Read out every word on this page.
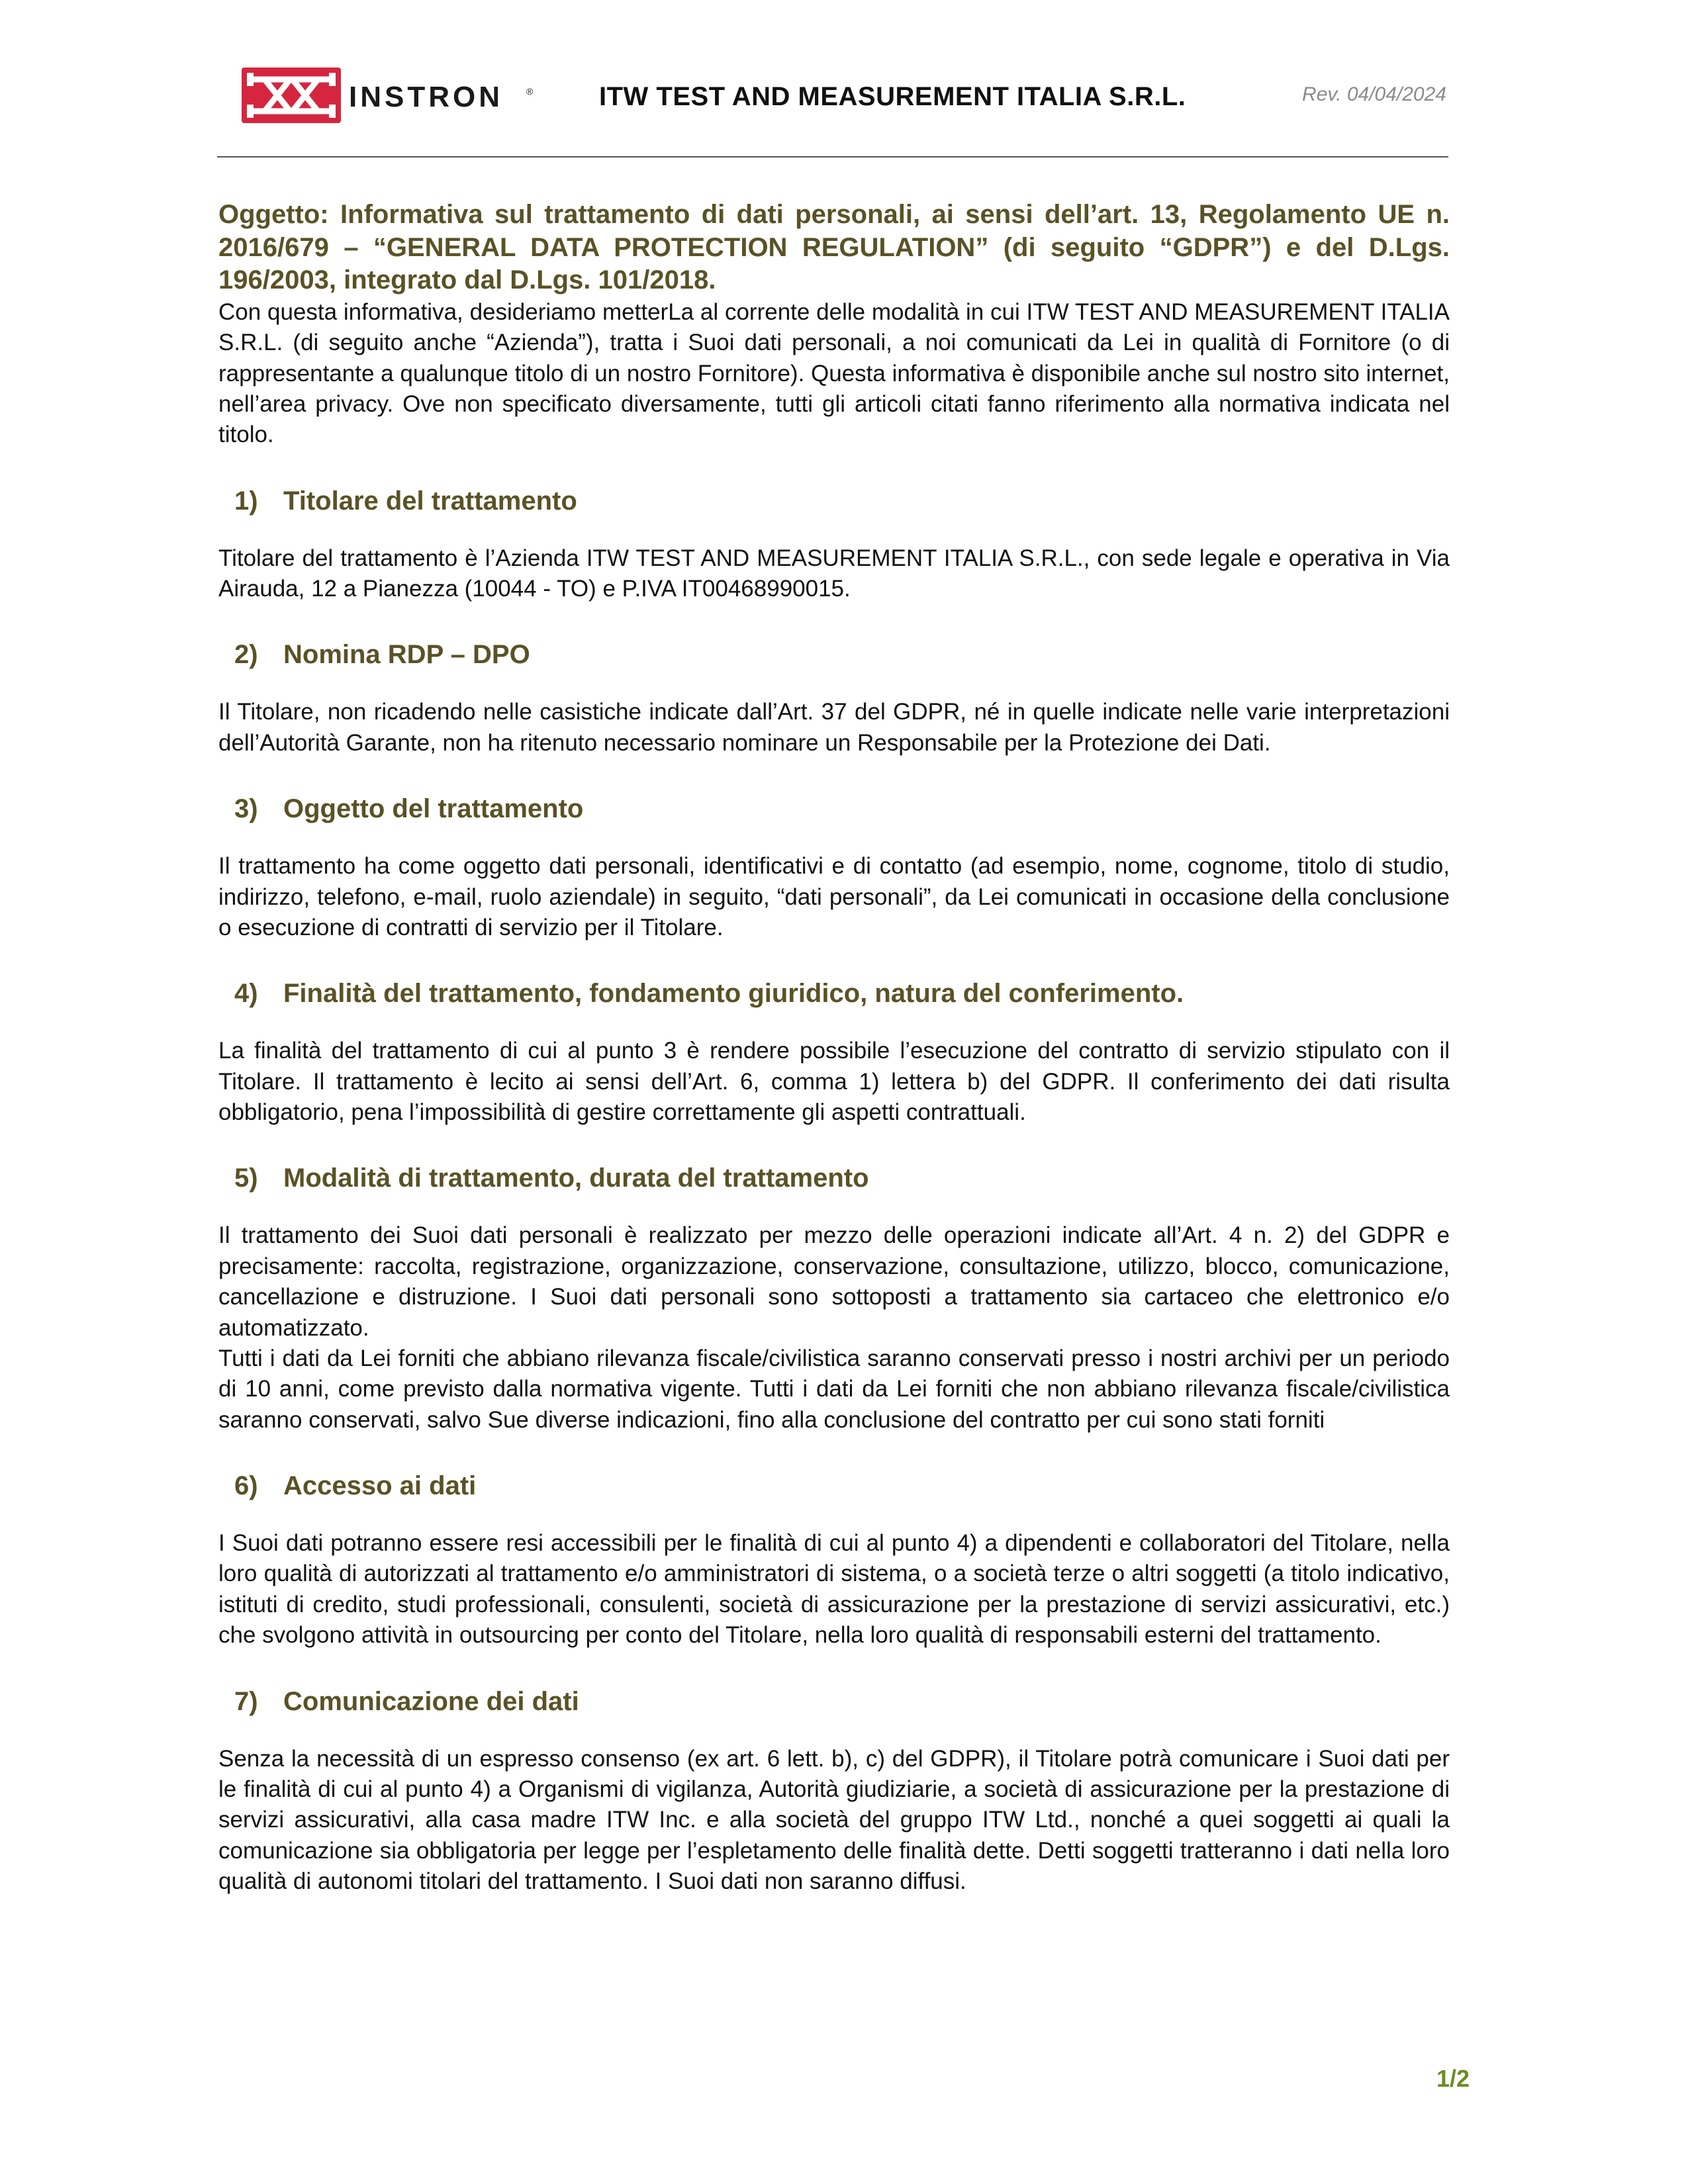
INSTRON	® ITW TEST AND MEASUREMENT ITALIA S.R.L.	Rev. 04/04/2024

Oggetto: Informativa sul trattamento di dati personali, ai sensi dell’art. 13, Regolamento UE n. 2016/679 – “GENERAL DATA PROTECTION REGULATION” (di seguito “GDPR”) e del D.Lgs. 196/2003, integrato dal D.Lgs. 101/2018.

Con questa informativa, desideriamo metterLa al corrente delle modalità in cui ITW TEST AND MEASUREMENT ITALIA S.R.L. (di seguito anche “Azienda”), tratta i Suoi dati personali, a noi comunicati da Lei in qualità di Fornitore (o di rappresentante a qualunque titolo di un nostro Fornitore). Questa informativa è disponibile anche sul nostro sito internet, nell’area privacy. Ove non specificato diversamente, tutti gli articoli citati fanno riferimento alla normativa indicata nel titolo.

1) Titolare del trattamento

Titolare del trattamento è l’Azienda ITW TEST AND MEASUREMENT ITALIA S.R.L., con sede legale e operativa in Via Airauda, 12 a Pianezza (10044 - TO) e P.IVA IT00468990015.

2) Nomina RDP – DPO

Il Titolare, non ricadendo nelle casistiche indicate dall’Art. 37 del GDPR, né in quelle indicate nelle varie interpretazioni dell’Autorità Garante, non ha ritenuto necessario nominare un Responsabile per la Protezione dei Dati.

3) Oggetto del trattamento

Il trattamento ha come oggetto dati personali, identificativi e di contatto (ad esempio, nome, cognome, titolo di studio, indirizzo, telefono, e-mail, ruolo aziendale) in seguito, “dati personali”, da Lei comunicati in occasione della conclusione o esecuzione di contratti di servizio per il Titolare.

4) Finalità del trattamento, fondamento giuridico, natura del conferimento.

La finalità del trattamento di cui al punto 3 è rendere possibile l’esecuzione del contratto di servizio stipulato con il Titolare. Il trattamento è lecito ai sensi dell’Art. 6, comma 1) lettera b) del GDPR. Il conferimento dei dati risulta obbligatorio, pena l’impossibilità di gestire correttamente gli aspetti contrattuali.

5) Modalità di trattamento, durata del trattamento

Il trattamento dei Suoi dati personali è realizzato per mezzo delle operazioni indicate all’Art. 4 n. 2) del GDPR e precisamente: raccolta, registrazione, organizzazione, conservazione, consultazione, utilizzo, blocco, comunicazione, cancellazione e distruzione. I Suoi dati personali sono sottoposti a trattamento sia cartaceo che elettronico e/o automatizzato.

Tutti i dati da Lei forniti che abbiano rilevanza fiscale/civilistica saranno conservati presso i nostri archivi per un periodo di 10 anni, come previsto dalla normativa vigente. Tutti i dati da Lei forniti che non abbiano rilevanza fiscale/civilistica saranno conservati, salvo Sue diverse indicazioni, fino alla conclusione del contratto per cui sono stati forniti

6) Accesso ai dati

I Suoi dati potranno essere resi accessibili per le finalità di cui al punto 4) a dipendenti e collaboratori del Titolare, nella loro qualità di autorizzati al trattamento e/o amministratori di sistema, o a società terze o altri soggetti (a titolo indicativo, istituti di credito, studi professionali, consulenti, società di assicurazione per la prestazione di servizi assicurativi, etc.) che svolgono attività in outsourcing per conto del Titolare, nella loro qualità di responsabili esterni del trattamento.

7) Comunicazione dei dati

Senza la necessità di un espresso consenso (ex art. 6 lett. b), c) del GDPR), il Titolare potrà comunicare i Suoi dati per le finalità di cui al punto 4) a Organismi di vigilanza, Autorità giudiziarie, a società di assicurazione per la prestazione di servizi assicurativi, alla casa madre ITW Inc. e alla società del gruppo ITW Ltd., nonché a quei soggetti ai quali la comunicazione sia obbligatoria per legge per l’espletamento delle finalità dette. Detti soggetti tratteranno i dati nella loro qualità di autonomi titolari del trattamento. I Suoi dati non saranno diffusi.

1/2
